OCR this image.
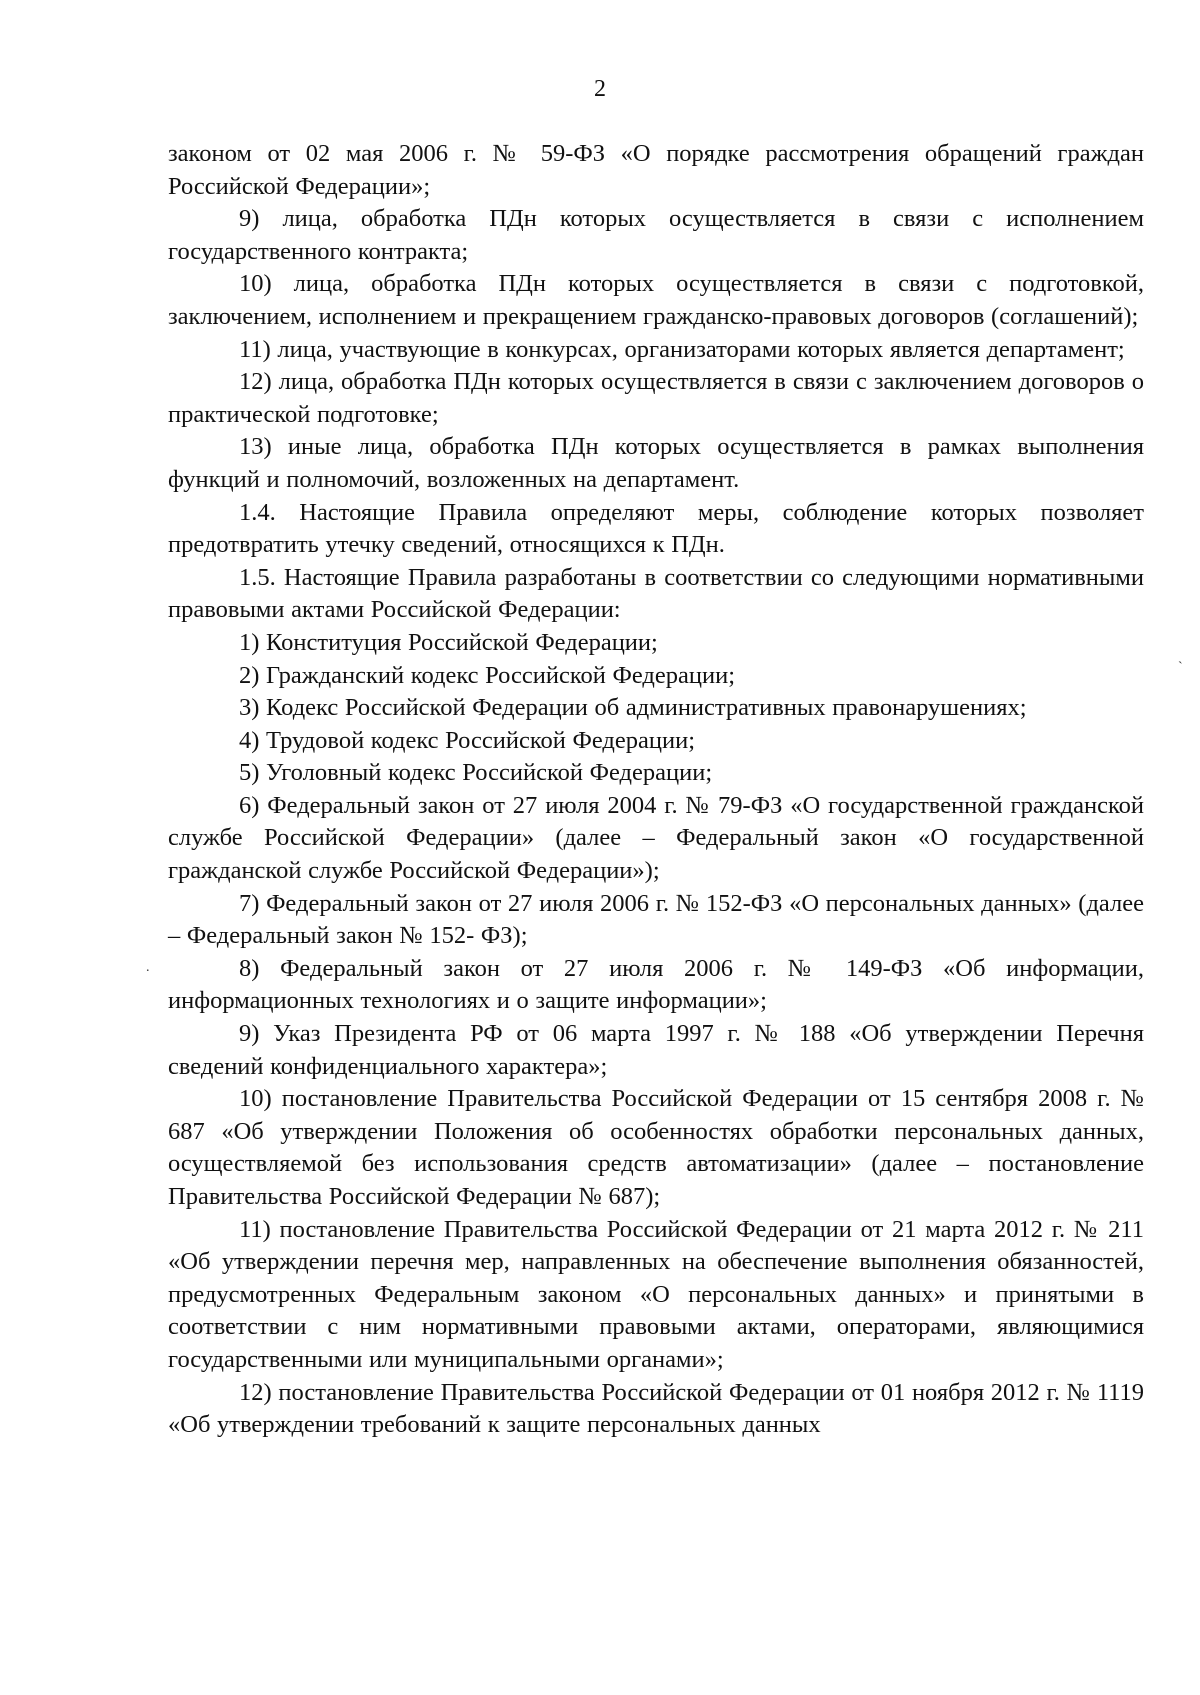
2

законом от 02 мая 2006 г. № 59-ФЗ «О порядке рассмотрения обращений граждан Российской Федерации»;

9) лица, обработка ПДн которых осуществляется в связи с исполнением государственного контракта;

10) лица, обработка ПДн которых осуществляется в связи с подготовкой, заключением, исполнением и прекращением гражданско-правовых договоров (соглашений);

11) лица, участвующие в конкурсах, организаторами которых является департамент;

12) лица, обработка ПДн которых осуществляется в связи с заключением договоров о практической подготовке;

13) иные лица, обработка ПДн которых осуществляется в рамках выполнения функций и полномочий, возложенных на департамент.

1.4. Настоящие Правила определяют меры, соблюдение которых позволяет предотвратить утечку сведений, относящихся к ПДн.

1.5. Настоящие Правила разработаны в соответствии со следующими нормативными правовыми актами Российской Федерации:

1) Конституция Российской Федерации;

2) Гражданский кодекс Российской Федерации;

3) Кодекс Российской Федерации об административных правонарушениях;

4) Трудовой кодекс Российской Федерации;

5) Уголовный кодекс Российской Федерации;

6) Федеральный закон от 27 июля 2004 г. № 79-ФЗ «О государственной гражданской службе Российской Федерации» (далее – Федеральный закон «О государственной гражданской службе Российской Федерации»);

7) Федеральный закон от 27 июля 2006 г. № 152-ФЗ «О персональных данных» (далее – Федеральный закон № 152- ФЗ);

8) Федеральный закон от 27 июля 2006 г. № 149-ФЗ «Об информации, информационных технологиях и о защите информации»;

9) Указ Президента РФ от 06 марта 1997 г. № 188 «Об утверждении Перечня сведений конфиденциального характера»;

10) постановление Правительства Российской Федерации от 15 сентября 2008 г. № 687 «Об утверждении Положения об особенностях обработки персональных данных, осуществляемой без использования средств автоматизации» (далее – постановление Правительства Российской Федерации № 687);

11) постановление Правительства Российской Федерации от 21 марта 2012 г. № 211 «Об утверждении перечня мер, направленных на обеспечение выполнения обязанностей, предусмотренных Федеральным законом «О персональных данных» и принятыми в соответствии с ним нормативными правовыми актами, операторами, являющимися государственными или муниципальными органами»;

12) постановление Правительства Российской Федерации от 01 ноября 2012 г. № 1119 «Об утверждении требований к защите персональных данных

ˋ
.
